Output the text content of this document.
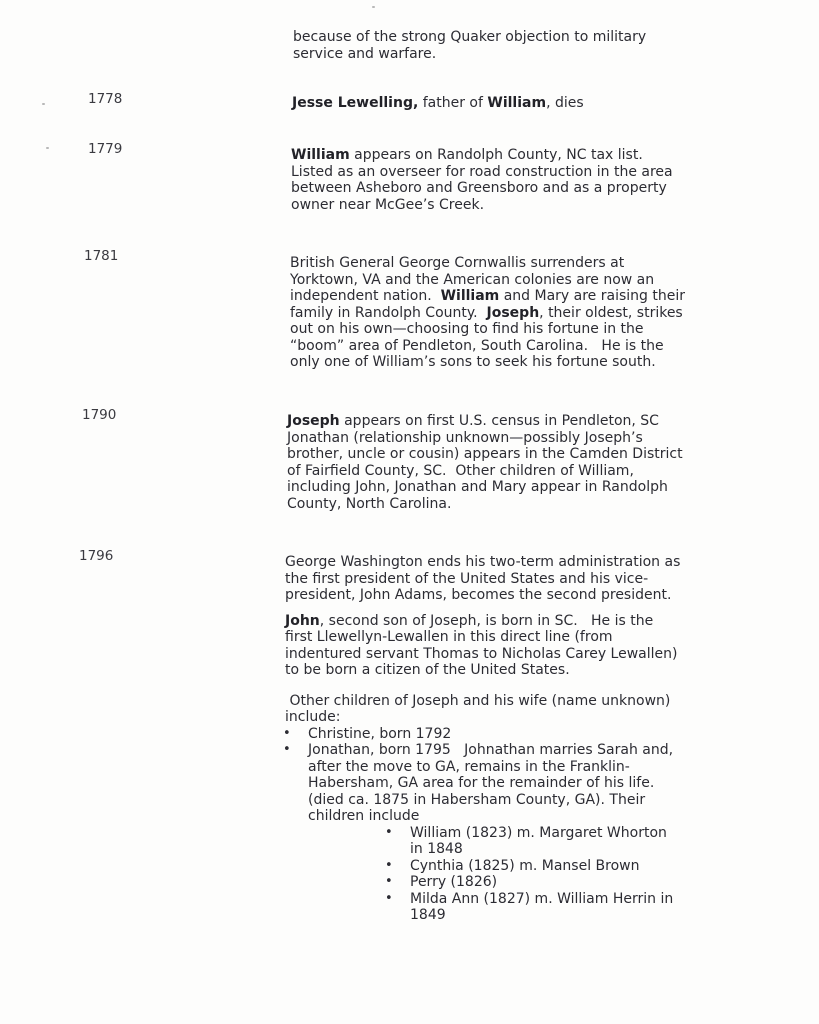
because of the strong Quaker objection to military
service and warfare.
1778	Jesse Lewelling, father of William, dies
1779	William appears on Randolph County, NC tax list.
Listed as an overseer for road construction in the area
between Asheboro and Greensboro and as a property
owner near McGee’s Creek.
1781	British General George Cornwallis surrenders at
Yorktown, VA and the American colonies are now an
independent nation.  William and Mary are raising their
family in Randolph County.  Joseph, their oldest, strikes
out on his own—choosing to find his fortune in the
“boom” area of Pendleton, South Carolina.   He is the
only one of William’s sons to seek his fortune south.
1790	Joseph appears on first U.S. census in Pendleton, SC
Jonathan (relationship unknown—possibly Joseph’s
brother, uncle or cousin) appears in the Camden District
of Fairfield County, SC.  Other children of William,
including John, Jonathan and Mary appear in Randolph
County, North Carolina.
1796	George Washington ends his two-term administration as
the first president of the United States and his vice-
president, John Adams, becomes the second president.

John, second son of Joseph, is born in SC.   He is the
first Llewellyn-Lewallen in this direct line (from
indentured servant Thomas to Nicholas Carey Lewallen)
to be born a citizen of the United States.

Other children of Joseph and his wife (name unknown)
include:

• Christine, born 1792
• Jonathan, born 1795   Johnathan marries Sarah and,
after the move to GA, remains in the Franklin-
Habersham, GA area for the remainder of his life.
(died ca. 1875 in Habersham County, GA). Their
children include
• William (1823) m. Margaret Whorton
in 1848
• Cynthia (1825) m. Mansel Brown
• Perry (1826)
• Milda Ann (1827) m. William Herrin in
1849
